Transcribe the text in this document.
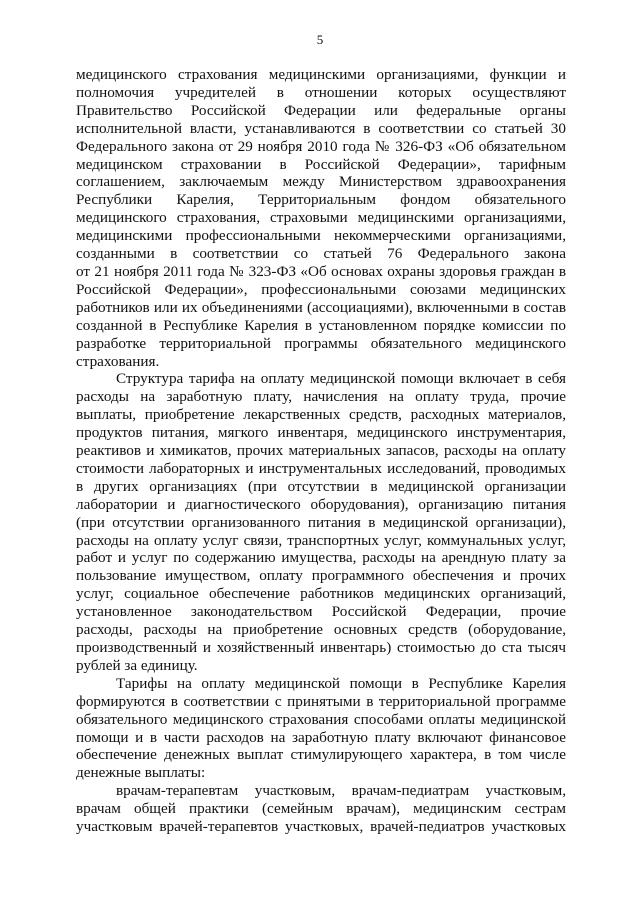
5
медицинского страхования медицинскими организациями, функции и
полномочия учредителей в отношении которых осуществляют
Правительство Российской Федерации или федеральные органы
исполнительной власти, устанавливаются в соответствии со статьей 30
Федерального закона от 29 ноября 2010 года № 326-ФЗ «Об обязательном
медицинском страховании в Российской Федерации», тарифным
соглашением, заключаемым между Министерством здравоохранения
Республики Карелия, Территориальным фондом обязательного
медицинского страхования, страховыми медицинскими организациями,
медицинскими профессиональными некоммерческими организациями,
созданными в соответствии со статьей 76 Федерального закона
от 21 ноября 2011 года № 323-ФЗ «Об основах охраны здоровья граждан в
Российской Федерации», профессиональными союзами медицинских
работников или их объединениями (ассоциациями), включенными в состав
созданной в Республике Карелия в установленном порядке комиссии по
разработке территориальной программы обязательного медицинского
страхования.
Структура тарифа на оплату медицинской помощи включает в себя
расходы на заработную плату, начисления на оплату труда, прочие
выплаты, приобретение лекарственных средств, расходных материалов,
продуктов питания, мягкого инвентаря, медицинского инструментария,
реактивов и химикатов, прочих материальных запасов, расходы на оплату
стоимости лабораторных и инструментальных исследований, проводимых
в других организациях (при отсутствии в медицинской организации
лаборатории и диагностического оборудования), организацию питания
(при отсутствии организованного питания в медицинской организации),
расходы на оплату услуг связи, транспортных услуг, коммунальных услуг,
работ и услуг по содержанию имущества, расходы на арендную плату за
пользование имуществом, оплату программного обеспечения и прочих
услуг, социальное обеспечение работников медицинских организаций,
установленное законодательством Российской Федерации, прочие
расходы, расходы на приобретение основных средств (оборудование,
производственный и хозяйственный инвентарь) стоимостью до ста тысяч
рублей за единицу.
Тарифы на оплату медицинской помощи в Республике Карелия
формируются в соответствии с принятыми в территориальной программе
обязательного медицинского страхования способами оплаты медицинской
помощи и в части расходов на заработную плату включают финансовое
обеспечение денежных выплат стимулирующего характера, в том числе
денежные выплаты:
врачам-терапевтам участковым, врачам-педиатрам участковым,
врачам общей практики (семейным врачам), медицинским сестрам
участковым врачей-терапевтов участковых, врачей-педиатров участковых
